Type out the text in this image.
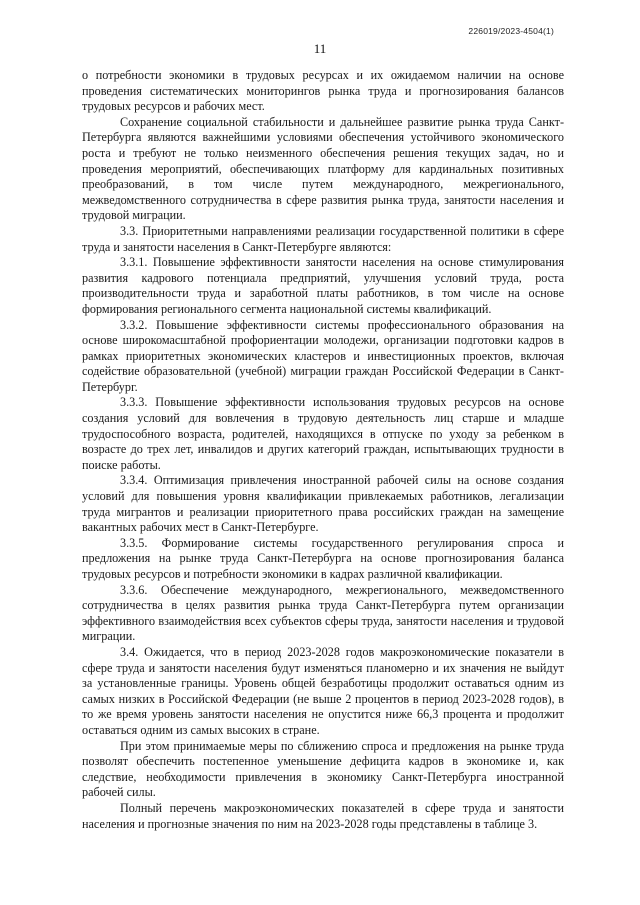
226019/2023-4504(1)
11

о потребности экономики в трудовых ресурсах и их ожидаемом наличии на основе проведения систематических мониторингов рынка труда и прогнозирования балансов трудовых ресурсов и рабочих мест.

Сохранение социальной стабильности и дальнейшее развитие рынка труда Санкт-Петербурга являются важнейшими условиями обеспечения устойчивого экономического роста и требуют не только неизменного обеспечения решения текущих задач, но и проведения мероприятий, обеспечивающих платформу для кардинальных позитивных преобразований, в том числе путем международного, межрегионального, межведомственного сотрудничества в сфере развития рынка труда, занятости населения и трудовой миграции.

3.3. Приоритетными направлениями реализации государственной политики в сфере труда и занятости населения в Санкт-Петербурге являются:

3.3.1. Повышение эффективности занятости населения на основе стимулирования развития кадрового потенциала предприятий, улучшения условий труда, роста производительности труда и заработной платы работников, в том числе на основе формирования регионального сегмента национальной системы квалификаций.

3.3.2. Повышение эффективности системы профессионального образования на основе широкомасштабной профориентации молодежи, организации подготовки кадров в рамках приоритетных экономических кластеров и инвестиционных проектов, включая содействие образовательной (учебной) миграции граждан Российской Федерации в Санкт-Петербург.

3.3.3. Повышение эффективности использования трудовых ресурсов на основе создания условий для вовлечения в трудовую деятельность лиц старше и младше трудоспособного возраста, родителей, находящихся в отпуске по уходу за ребенком в возрасте до трех лет, инвалидов и других категорий граждан, испытывающих трудности в поиске работы.

3.3.4. Оптимизация привлечения иностранной рабочей силы на основе создания условий для повышения уровня квалификации привлекаемых работников, легализации труда мигрантов и реализации приоритетного права российских граждан на замещение вакантных рабочих мест в Санкт-Петербурге.

3.3.5. Формирование системы государственного регулирования спроса и предложения на рынке труда Санкт-Петербурга на основе прогнозирования баланса трудовых ресурсов и потребности экономики в кадрах различной квалификации.

3.3.6. Обеспечение международного, межрегионального, межведомственного сотрудничества в целях развития рынка труда Санкт-Петербурга путем организации эффективного взаимодействия всех субъектов сферы труда, занятости населения и трудовой миграции.

3.4. Ожидается, что в период 2023-2028 годов макроэкономические показатели в сфере труда и занятости населения будут изменяться планомерно и их значения не выйдут за установленные границы. Уровень общей безработицы продолжит оставаться одним из самых низких в Российской Федерации (не выше 2 процентов в период 2023-2028 годов), в то же время уровень занятости населения не опустится ниже 66,3 процента и продолжит оставаться одним из самых высоких в стране.

При этом принимаемые меры по сближению спроса и предложения на рынке труда позволят обеспечить постепенное уменьшение дефицита кадров в экономике и, как следствие, необходимости привлечения в экономику Санкт-Петербурга иностранной рабочей силы.

Полный перечень макроэкономических показателей в сфере труда и занятости населения и прогнозные значения по ним на 2023-2028 годы представлены в таблице 3.
